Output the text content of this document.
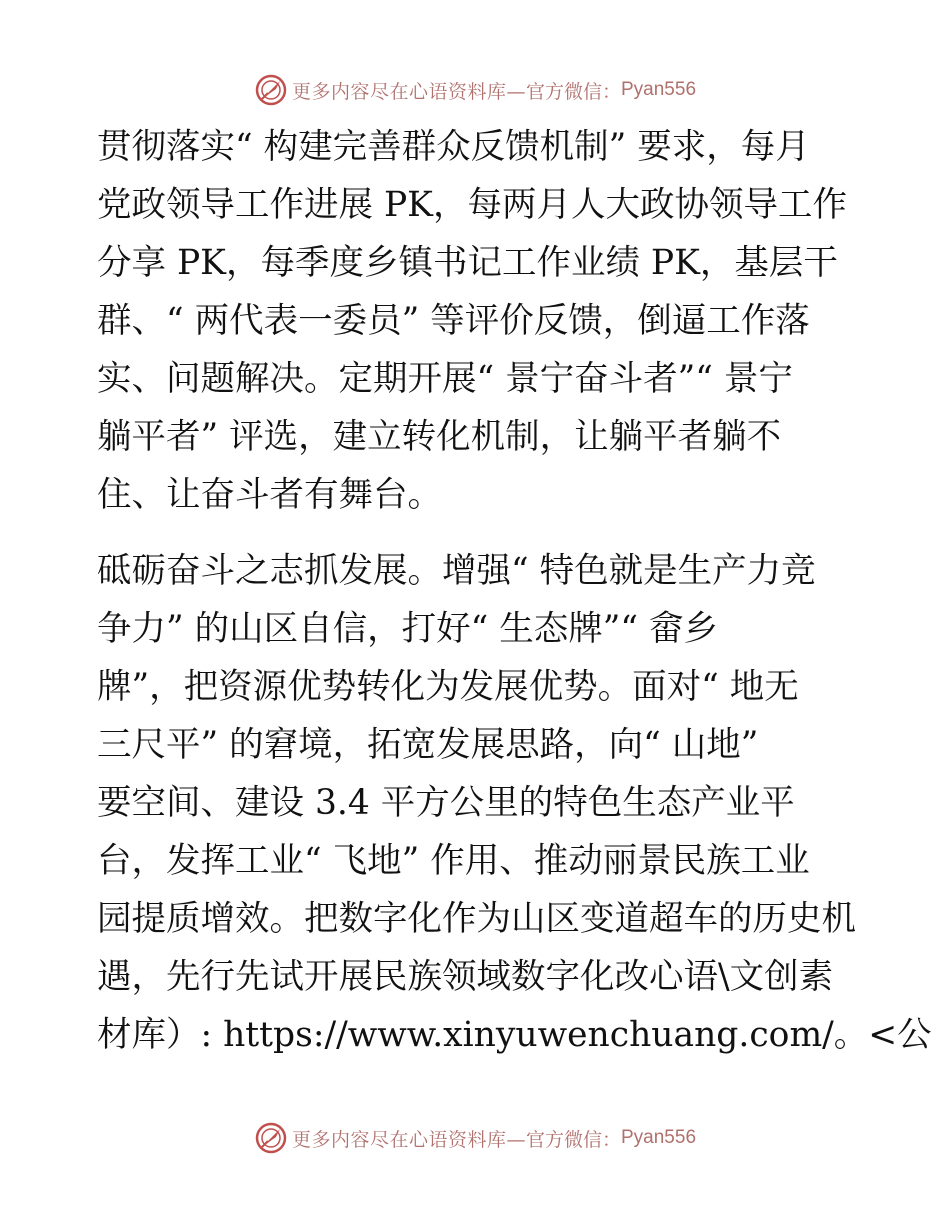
更多内容尽在心语资料库— 官方微信： Pyan556
贯彻落实“ 构建完善群众反馈机制” 要求，每月
党政领导工作进展 PK，每两月人大政协领导工作
分享 PK，每季度乡镇书记工作业绩 PK，基层干
群、“ 两代表一委员” 等评价反馈，倒逼工作落
实、问题解决。定期开展“ 景宁奋斗者”“ 景宁
躺平者” 评选，建立转化机制，让躺平者躺不
住、让奋斗者有舞台。
砥砺奋斗之志抓发展。增强“ 特色就是生产力竞
争力” 的山区自信，打好“ 生态牌”“ 畲乡
牌”，把资源优势转化为发展优势。面对“ 地无
三尺平” 的窘境，拓宽发展思路，向“ 山地”
要空间、建设 3.4 平方公里的特色生态产业平
台，发挥工业“ 飞地” 作用、推动丽景民族工业
园提质增效。把数字化作为山区变道超车的历史机
遇，先行先试开展民族领域数字化改心语\文创素
材库）: https://www.xinyuwenchuang.com/。<公
更多内容尽在心语资料库— 官方微信： Pyan556
